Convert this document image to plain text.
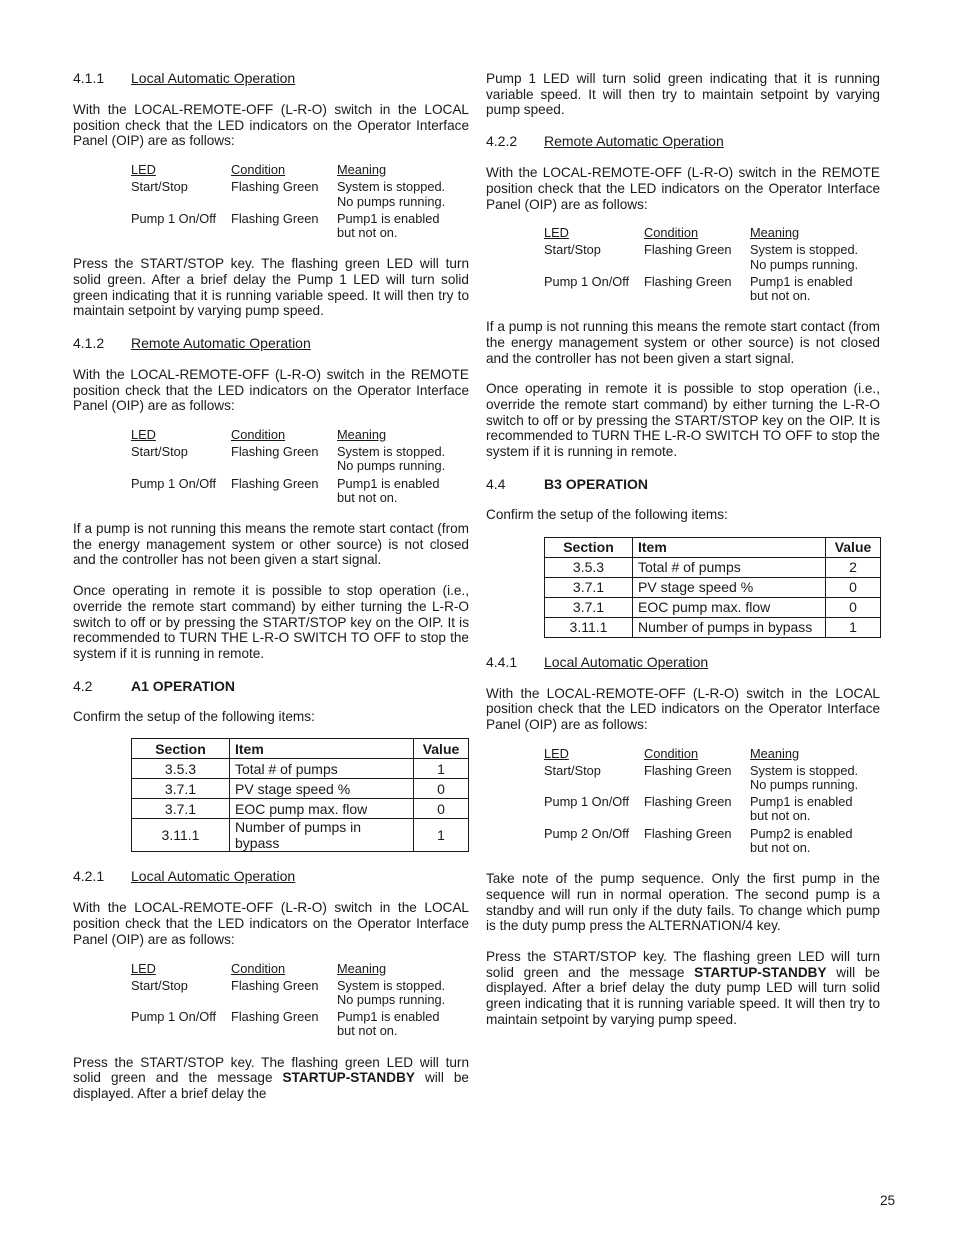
4.1.1	Local Automatic Operation

With the LOCAL-REMOTE-OFF (L-R-O) switch in the LOCAL position check that the LED indicators on the Operator Interface Panel (OIP) are as follows:

LED	Condition	Meaning
Start/Stop	Flashing Green	System is stopped.
No pumps running.
Pump 1 On/Off	Flashing Green	Pump1 is enabled
but not on.

Press the START/STOP key. The flashing green LED will turn solid green. After a brief delay the Pump 1 LED will turn solid green indicating that it is running variable speed. It will then try to maintain setpoint by varying pump speed.

4.1.2	Remote Automatic Operation

With the LOCAL-REMOTE-OFF (L-R-O) switch in the REMOTE position check that the LED indicators on the Operator Interface Panel (OIP) are as follows:

LED	Condition	Meaning
Start/Stop	Flashing Green	System is stopped.
No pumps running.
Pump 1 On/Off	Flashing Green	Pump1 is enabled
but not on.

If a pump is not running this means the remote start contact (from the energy management system or other source) is not closed and the controller has not been given a start signal.

Once operating in remote it is possible to stop operation (i.e., override the remote start command) by either turning the L-R-O switch to off or by pressing the START/STOP key on the OIP. It is recommended to TURN THE L-R-O SWITCH TO OFF to stop the system if it is running in remote.

4.2	A1 OPERATION

Confirm the setup of the following items:

Section	Item	Value
3.5.3	Total # of pumps	1
3.7.1	PV stage speed %	0
3.7.1	EOC pump max. flow	0
3.11.1	Number of pumps in bypass	1
4.2.1	Local Automatic Operation

With the LOCAL-REMOTE-OFF (L-R-O) switch in the LOCAL position check that the LED indicators on the Operator Interface Panel (OIP) are as follows:

LED	Condition	Meaning
Start/Stop	Flashing Green	System is stopped.
No pumps running.
Pump 1 On/Off	Flashing Green	Pump1 is enabled
but not on.

Press the START/STOP key. The flashing green LED will turn solid green and the message STARTUP-STANDBY will be displayed. After a brief delay the

Pump 1 LED will turn solid green indicating that it is running variable speed. It will then try to maintain setpoint by varying pump speed.

4.2.2	Remote Automatic Operation

With the LOCAL-REMOTE-OFF (L-R-O) switch in the REMOTE position check that the LED indicators on the Operator Interface Panel (OIP) are as follows:

LED	Condition	Meaning
Start/Stop	Flashing Green	System is stopped.
No pumps running.
Pump 1 On/Off	Flashing Green	Pump1 is enabled
but not on.

If a pump is not running this means the remote start contact (from the energy management system or other source) is not closed and the controller has not been given a start signal.

Once operating in remote it is possible to stop operation (i.e., override the remote start command) by either turning the L-R-O switch to off or by pressing the START/STOP key on the OIP. It is recommended to TURN THE L-R-O SWITCH TO OFF to stop the system if it is running in remote.

4.4	B3 OPERATION

Confirm the setup of the following items:

Section	Item	Value
3.5.3	Total # of pumps	2
3.7.1	PV stage speed %	0
3.7.1	EOC pump max. flow	0
3.11.1	Number of pumps in bypass	1
4.4.1	Local Automatic Operation

With the LOCAL-REMOTE-OFF (L-R-O) switch in the LOCAL position check that the LED indicators on the Operator Interface Panel (OIP) are as follows:

LED	Condition	Meaning
Start/Stop	Flashing Green	System is stopped.
No pumps running.
Pump 1 On/Off	Flashing Green	Pump1 is enabled
but not on.
Pump 2 On/Off	Flashing Green	Pump2 is enabled
but not on.

Take note of the pump sequence. Only the first pump in the sequence will run in normal operation. The second pump is a standby and will run only if the duty fails. To change which pump is the duty pump press the ALTERNATION/4 key.

Press the START/STOP key. The flashing green LED will turn solid green and the message STARTUP-STANDBY will be displayed. After a brief delay the duty pump LED will turn solid green indicating that it is running variable speed. It will then try to maintain setpoint by varying pump speed.

25
